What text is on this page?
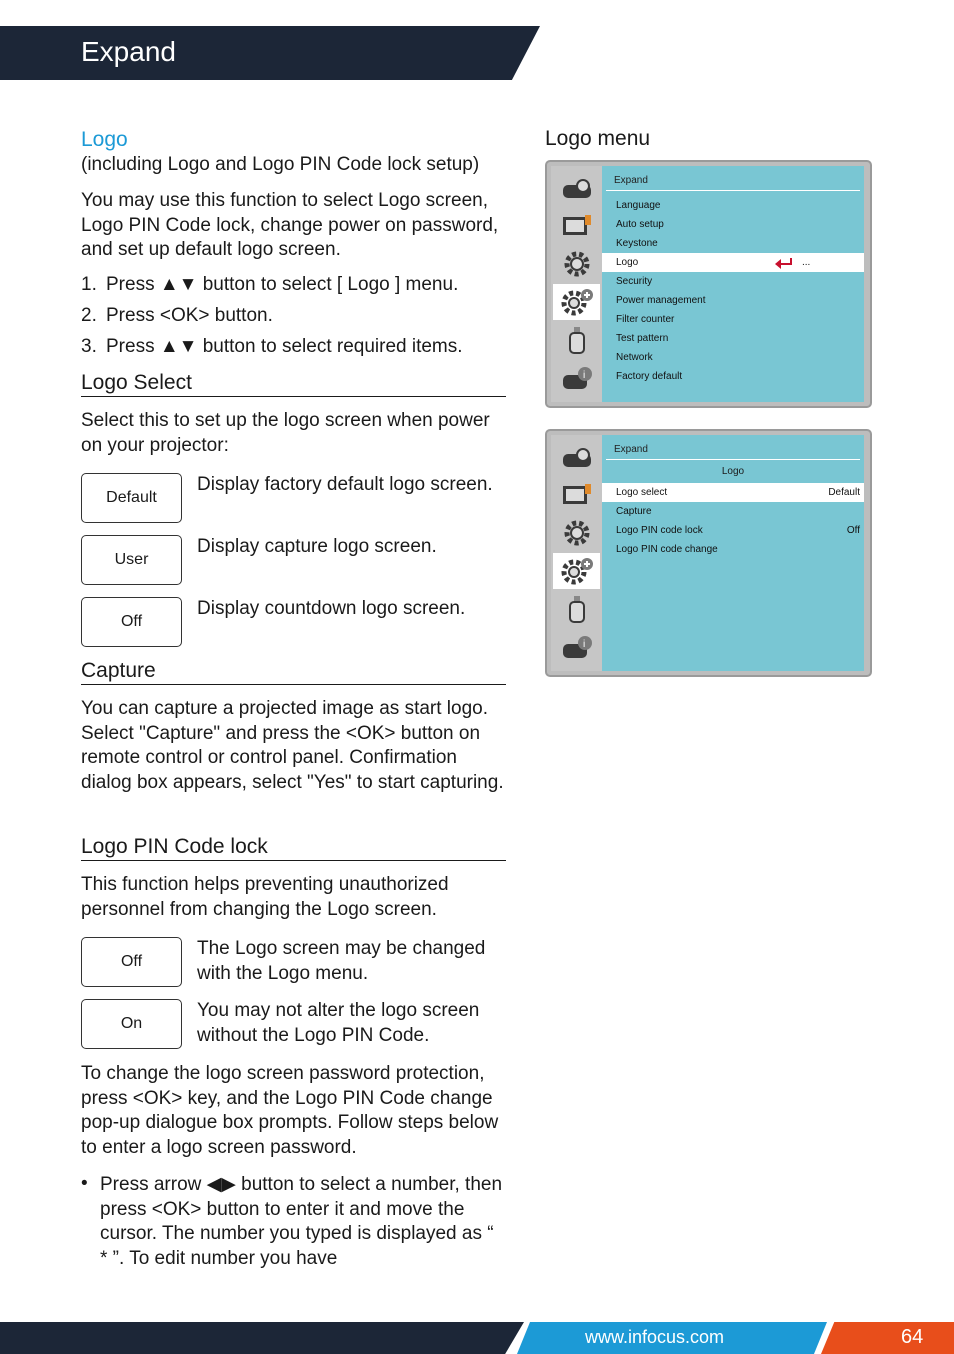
Expand

Logo

(including Logo and Logo PIN Code lock setup)

You may use this function to select Logo screen, Logo PIN Code lock, change power on password, and set up default logo screen.

1. Press ▲▼ button to select [ Logo ] menu.

2. Press <OK> button.

3. Press ▲▼ button to select required items.

Logo Select

Select this to set up the logo screen when power on your projector:

Default
Display factory default logo screen.
User
Display capture logo screen.
Off
Display countdown logo screen.
Capture

You can capture a projected image as start logo. Select "Capture" and press the <OK> button on remote control or control panel. Confirmation dialog box appears, select "Yes" to start capturing.

Logo PIN Code lock

This function helps preventing unauthorized personnel from changing the Logo screen.

Off
The Logo screen may be changed with the Logo menu.
On
You may not alter the logo screen without the Logo PIN Code.

To change the logo screen password protection, press <OK> key, and the Logo PIN Code change pop-up dialogue box prompts. Follow steps below to enter a logo screen password.

• Press arrow ◀▶ button to select a number, then press <OK> button to enter it and move the cursor. The number you typed is displayed as “ * ”. To edit number you have

Logo menu
i
Expand
Language
Auto setup
Keystone
Logo	...
Security
Power management
Filter counter
Test pattern
Network
Factory default
i
Expand
Logo
Logo select	Default
Capture
Logo PIN code lock	Off
Logo PIN code change
www.infocus.com	64
